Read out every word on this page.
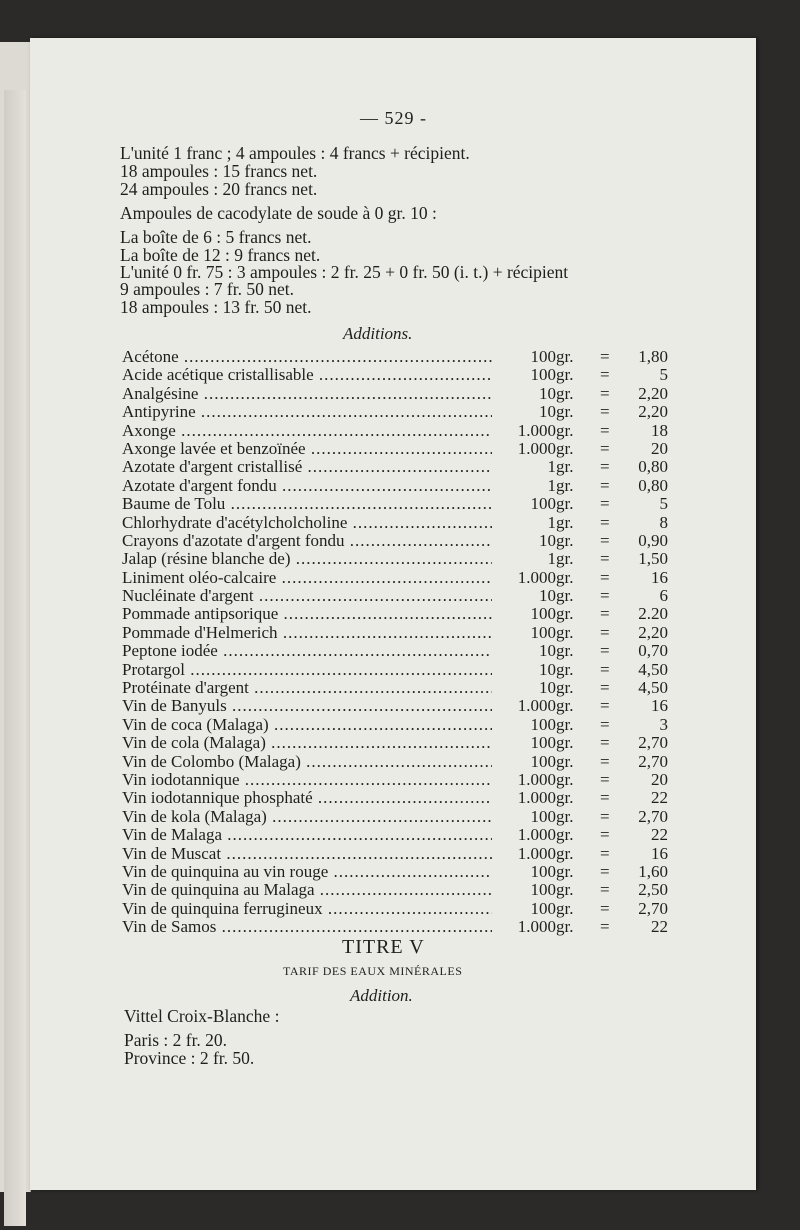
— 529 -
L'unité 1 franc ; 4 ampoules : 4 francs + récipient.
18 ampoules : 15 francs net.
24 ampoules : 20 francs net.
Ampoules de cacodylate de soude à 0 gr. 10 :
La boîte de 6 : 5 francs net.
La boîte de 12 : 9 francs net.
L'unité 0 fr. 75 : 3 ampoules : 2 fr. 25 + 0 fr. 50 (i. t.) + récipient
9 ampoules : 7 fr. 50 net.
18 ampoules : 13 fr. 50 net.
Additions.
Acétone .....	100 gr.	=	1,80
Acide acétique cristallisable .....	100 gr.	=	5
Analgésine .....	10 gr.	=	2,20
Antipyrine .....	10 gr.	=	2,20
Axonge .....	1.000 gr.	=	18
Axonge lavée et benzoïnée .....	1.000 gr.	=	20
Azotate d'argent cristallisé .....	1 gr.	=	0,80
Azotate d'argent fondu .....	1 gr.	=	0,80
Baume de Tolu .....	100 gr.	=	5
Chlorhydrate d'acétylcholcholine .....	1 gr.	=	8
Crayons d'azotate d'argent fondu .....	10 gr.	=	0,90
Jalap (résine blanche de) .....	1 gr.	=	1,50
Liniment oléo-calcaire .....	1.000 gr.	=	16
Nucléinate d'argent .....	10 gr.	=	6
Pommade antipsorique .....	100 gr.	=	2.20
Pommade d'Helmerich .....	100 gr.	=	2,20
Peptone iodée .....	10 gr.	=	0,70
Protargol .....	10 gr.	=	4,50
Protéinate d'argent .....	10 gr.	=	4,50
Vin de Banyuls .....	1.000 gr.	=	16
Vin de coca (Malaga) .....	100 gr.	=	3
Vin de cola (Malaga) .....	100 gr.	=	2,70
Vin de Colombo (Malaga) .....	100 gr.	=	2,70
Vin iodotannique .....	1.000 gr.	=	20
Vin iodotannique phosphaté .....	1.000 gr.	=	22
Vin de kola (Malaga) .....	100 gr.	=	2,70
Vin de Malaga .....	1.000 gr.	=	22
Vin de Muscat .....	1.000 gr.	=	16
Vin de quinquina au vin rouge .....	100 gr.	=	1,60
Vin de quinquina au Malaga .....	100 gr.	=	2,50
Vin de quinquina ferrugineux .....	100 gr.	=	2,70
Vin de Samos .....	1.000 gr.	=	22
TITRE V
TARIF DES EAUX MINÉRALES
Addition.
Vittel Croix-Blanche :
Paris : 2 fr. 20.
Province : 2 fr. 50.
